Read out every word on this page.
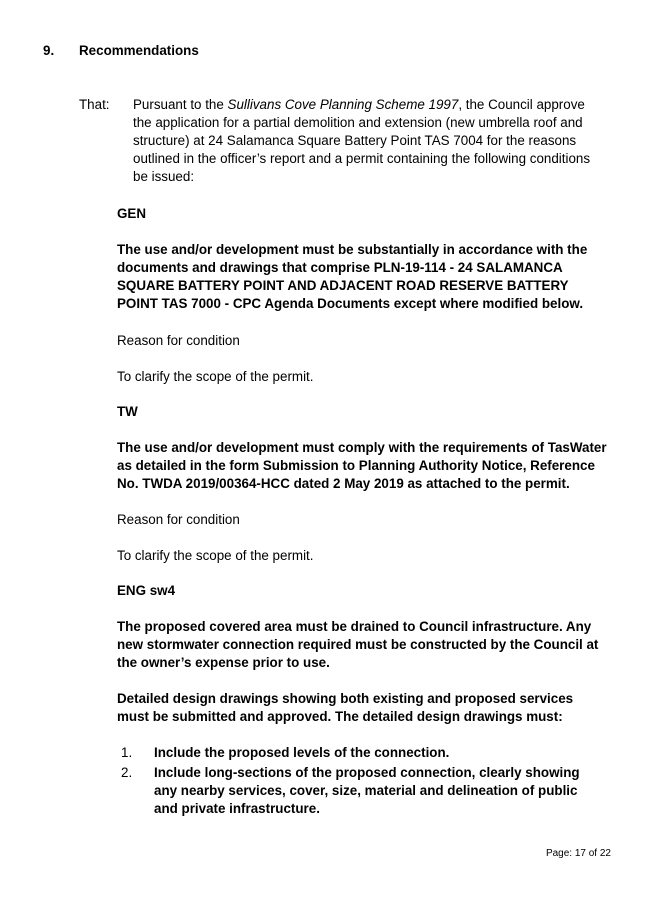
9. Recommendations
That: Pursuant to the Sullivans Cove Planning Scheme 1997, the Council approve the application for a partial demolition and extension (new umbrella roof and structure) at 24 Salamanca Square Battery Point TAS 7004 for the reasons outlined in the officer’s report and a permit containing the following conditions be issued:

GEN

The use and/or development must be substantially in accordance with the documents and drawings that comprise PLN-19-114 - 24 SALAMANCA SQUARE BATTERY POINT AND ADJACENT ROAD RESERVE BATTERY POINT TAS 7000 - CPC Agenda Documents except where modified below.

Reason for condition
To clarify the scope of the permit.
TW

The use and/or development must comply with the requirements of TasWater as detailed in the form Submission to Planning Authority Notice, Reference No. TWDA 2019/00364-HCC dated 2 May 2019 as attached to the permit.

Reason for condition
To clarify the scope of the permit.
ENG sw4

The proposed covered area must be drained to Council infrastructure. Any new stormwater connection required must be constructed by the Council at the owner’s expense prior to use.

Detailed design drawings showing both existing and proposed services must be submitted and approved. The detailed design drawings must:

1. Include the proposed levels of the connection.

2. Include long-sections of the proposed connection, clearly showing any nearby services, cover, size, material and delineation of public and private infrastructure.

Page: 17 of 22
